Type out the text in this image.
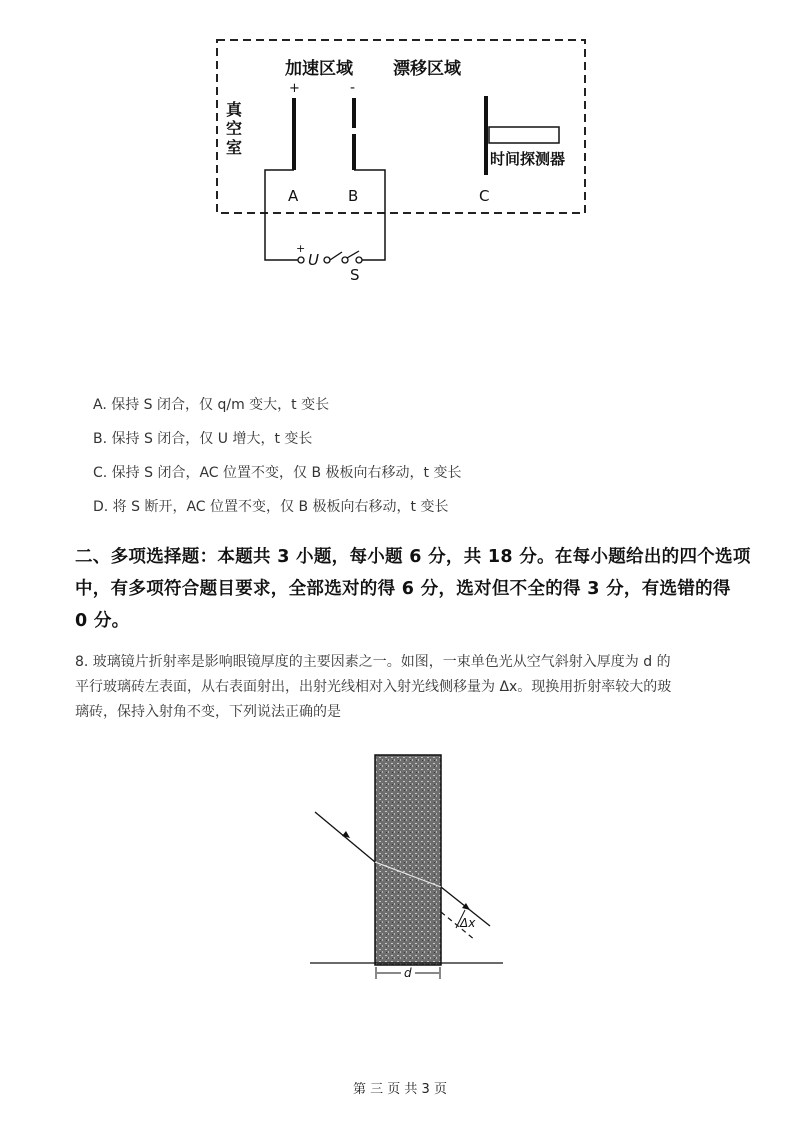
加速区域 漂移区域
真
空
室
+
A
-
B
时间探测器
C
+
U
S
A. 保持 S 闭合，仅 q/m 变大，t 变长
B. 保持 S 闭合，仅 U 增大，t 变长
C. 保持 S 闭合，AC 位置不变，仅 B 极板向右移动，t 变长
D. 将 S 断开，AC 位置不变，仅 B 极板向右移动，t 变长
二、多项选择题：本题共 3 小题，每小题 6 分，共 18 分。在每小题给出的四个选项
中，有多项符合题目要求，全部选对的得 6 分，选对但不全的得 3 分，有选错的得
0 分。
8. 玻璃镜片折射率是影响眼镜厚度的主要因素之一。如图，一束单色光从空气斜射入厚度为 d 的
平行玻璃砖左表面，从右表面射出，出射光线相对入射光线侧移量为 Δx。现换用折射率较大的玻
璃砖，保持入射角不变，下列说法正确的是
Δx
d
第 三 页 共 3 页
